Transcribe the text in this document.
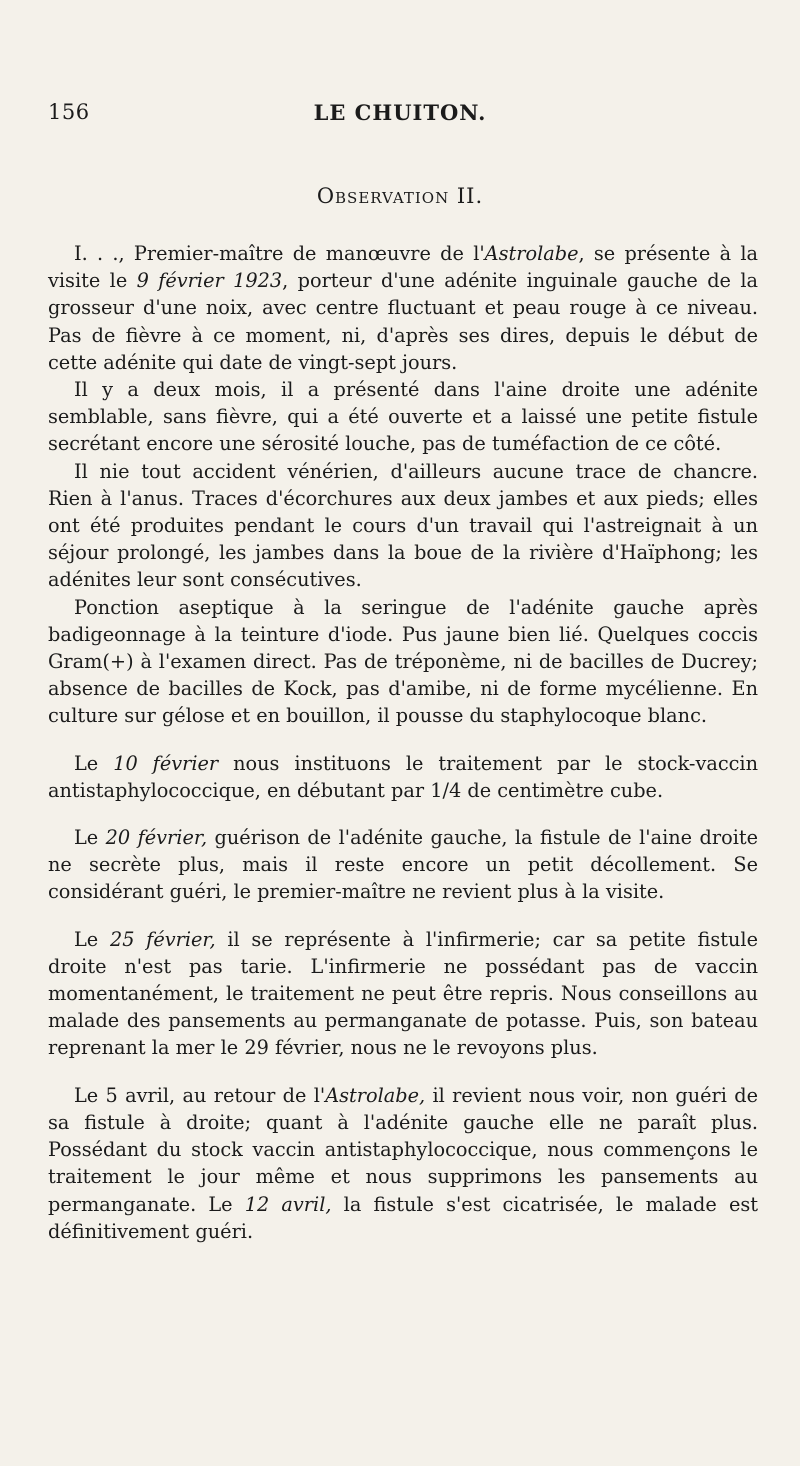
156	LE CHUITON.
Observation II.

I. . ., Premier-maître de manœuvre de l'Astrolabe, se présente à la visite le 9 février 1923, porteur d'une adénite inguinale gauche de la grosseur d'une noix, avec centre fluctuant et peau rouge à ce niveau. Pas de fièvre à ce moment, ni, d'après ses dires, depuis le début de cette adénite qui date de vingt-sept jours.

Il y a deux mois, il a présenté dans l'aine droite une adénite semblable, sans fièvre, qui a été ouverte et a laissé une petite fistule secrétant encore une sérosité louche, pas de tuméfaction de ce côté.

Il nie tout accident vénérien, d'ailleurs aucune trace de chancre. Rien à l'anus. Traces d'écorchures aux deux jambes et aux pieds; elles ont été produites pendant le cours d'un travail qui l'astreignait à un séjour prolongé, les jambes dans la boue de la rivière d'Haïphong; les adénites leur sont consécutives.

Ponction aseptique à la seringue de l'adénite gauche après badigeonnage à la teinture d'iode. Pus jaune bien lié. Quelques coccis Gram(+) à l'examen direct. Pas de tréponème, ni de bacilles de Ducrey; absence de bacilles de Kock, pas d'amibe, ni de forme mycélienne. En culture sur gélose et en bouillon, il pousse du staphylocoque blanc.

Le 10 février nous instituons le traitement par le stock-vaccin antistaphylococcique, en débutant par 1/4 de centimètre cube.

Le 20 février, guérison de l'adénite gauche, la fistule de l'aine droite ne secrète plus, mais il reste encore un petit décollement. Se considérant guéri, le premier-maître ne revient plus à la visite.

Le 25 février, il se représente à l'infirmerie; car sa petite fistule droite n'est pas tarie. L'infirmerie ne possédant pas de vaccin momentanément, le traitement ne peut être repris. Nous conseillons au malade des pansements au permanganate de potasse. Puis, son bateau reprenant la mer le 29 février, nous ne le revoyons plus.

Le 5 avril, au retour de l'Astrolabe, il revient nous voir, non guéri de sa fistule à droite; quant à l'adénite gauche elle ne paraît plus. Possédant du stock vaccin antistaphylococcique, nous commençons le traitement le jour même et nous supprimons les pansements au permanganate. Le 12 avril, la fistule s'est cicatrisée, le malade est définitivement guéri.
